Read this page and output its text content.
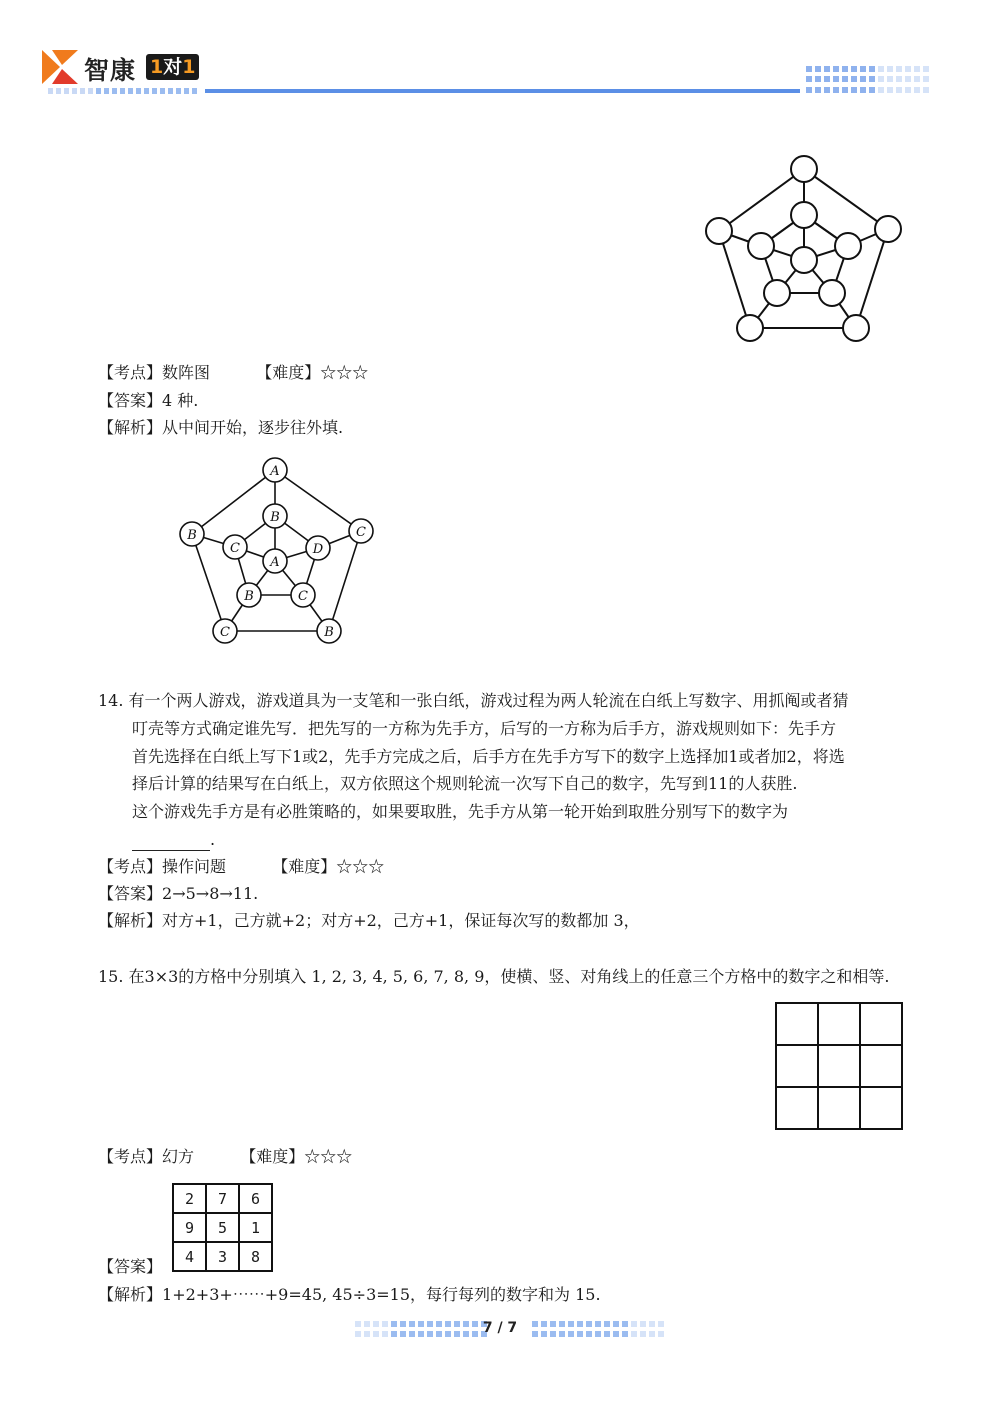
智康 1对1
【考点】数阵图	【难度】☆☆☆
【答案】4 种.
【解析】从中间开始，逐步往外填.
A
B	C
C	B
B
C	D
B	C
A
14. 有一个两人游戏，游戏道具为一支笔和一张白纸，游戏过程为两人轮流在白纸上写数字、用抓阄或者猜
叮壳等方式确定谁先写．把先写的一方称为先手方，后写的一方称为后手方，游戏规则如下：先手方
首先选择在白纸上写下1或2，先手方完成之后，后手方在先手方写下的数字上选择加1或者加2，将选
择后计算的结果写在白纸上，双方依照这个规则轮流一次写下自己的数字，先写到11的人获胜.
这个游戏先手方是有必胜策略的，如果要取胜，先手方从第一轮开始到取胜分别写下的数字为
.
【考点】操作问题	【难度】☆☆☆
【答案】2→5→8→11.
【解析】对方+1，己方就+2；对方+2，己方+1，保证每次写的数都加 3，
15. 在3×3的方格中分别填入 1, 2, 3, 4, 5, 6, 7, 8, 9，使横、竖、对角线上的任意三个方格中的数字之和相等.
【考点】幻方	【难度】☆☆☆
2	7	6
9	5	1
4	3	8
【答案】
【解析】1+2+3+⋯⋯+9=45, 45÷3=15，每行每列的数字和为 15.
7 / 7
